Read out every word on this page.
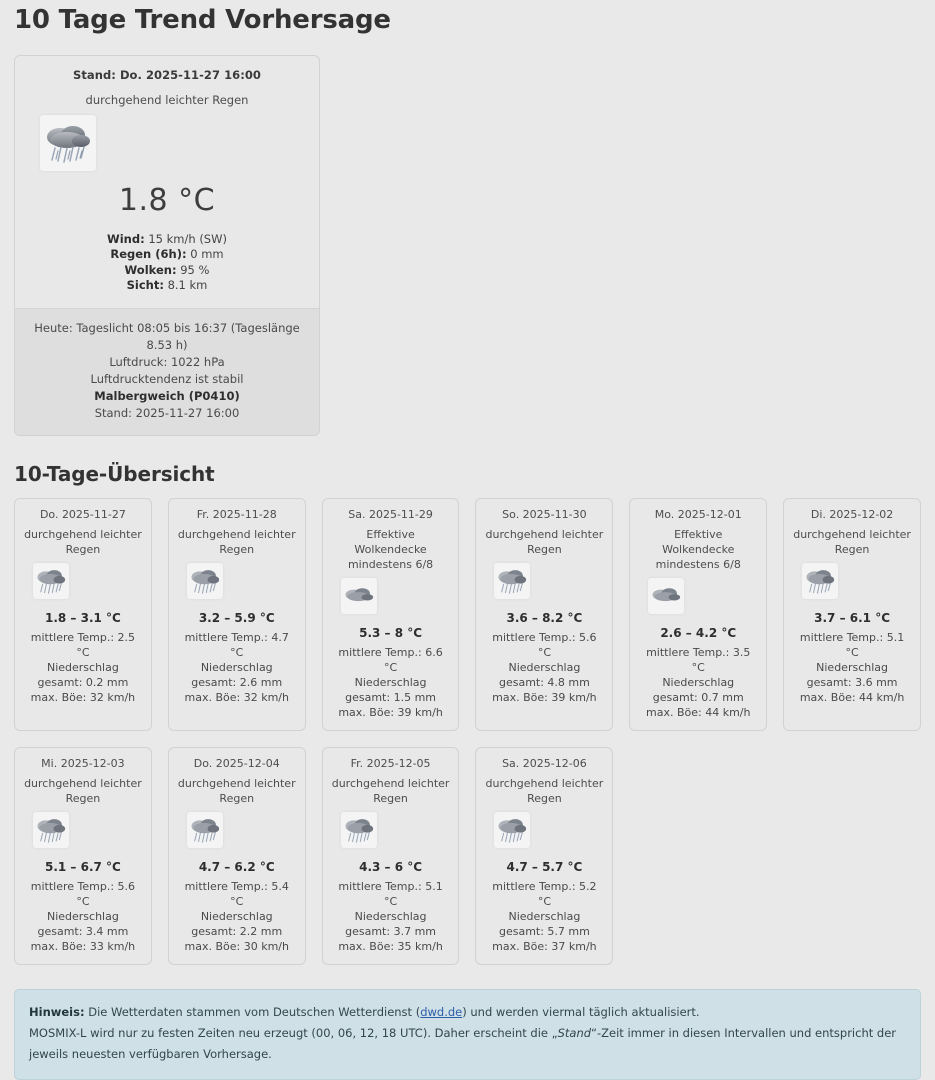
10 Tage Trend Vorhersage
Stand: Do. 2025-11-27 16:00
durchgehend leichter Regen
1.8 °C
Wind: 15 km/h (SW)
Regen (6h): 0 mm
Wolken: 95 %
Sicht: 8.1 km
Heute: Tageslicht 08:05 bis 16:37 (Tageslänge 8.53 h)
Luftdruck: 1022 hPa
Luftdrucktendenz ist stabil
Malbergweich (P0410)
Stand: 2025-11-27 16:00
10-Tage-Übersicht
Do. 2025-11-27
durchgehend leichter Regen
1.8 – 3.1 °C
mittlere Temp.: 2.5 °C
Niederschlag gesamt: 0.2 mm
max. Böe: 32 km/h
Fr. 2025-11-28
durchgehend leichter Regen
3.2 – 5.9 °C
mittlere Temp.: 4.7 °C
Niederschlag gesamt: 2.6 mm
max. Böe: 32 km/h
Sa. 2025-11-29
Effektive Wolkendecke mindestens 6/8
5.3 – 8 °C
mittlere Temp.: 6.6 °C
Niederschlag gesamt: 1.5 mm
max. Böe: 39 km/h
So. 2025-11-30
durchgehend leichter Regen
3.6 – 8.2 °C
mittlere Temp.: 5.6 °C
Niederschlag gesamt: 4.8 mm
max. Böe: 39 km/h
Mo. 2025-12-01
Effektive Wolkendecke mindestens 6/8
2.6 – 4.2 °C
mittlere Temp.: 3.5 °C
Niederschlag gesamt: 0.7 mm
max. Böe: 44 km/h
Di. 2025-12-02
durchgehend leichter Regen
3.7 – 6.1 °C
mittlere Temp.: 5.1 °C
Niederschlag gesamt: 3.6 mm
max. Böe: 44 km/h
Mi. 2025-12-03
durchgehend leichter Regen
5.1 – 6.7 °C
mittlere Temp.: 5.6 °C
Niederschlag gesamt: 3.4 mm
max. Böe: 33 km/h
Do. 2025-12-04
durchgehend leichter Regen
4.7 – 6.2 °C
mittlere Temp.: 5.4 °C
Niederschlag gesamt: 2.2 mm
max. Böe: 30 km/h
Fr. 2025-12-05
durchgehend leichter Regen
4.3 – 6 °C
mittlere Temp.: 5.1 °C
Niederschlag gesamt: 3.7 mm
max. Böe: 35 km/h
Sa. 2025-12-06
durchgehend leichter Regen
4.7 – 5.7 °C
mittlere Temp.: 5.2 °C
Niederschlag gesamt: 5.7 mm
max. Böe: 37 km/h
Hinweis: Die Wetterdaten stammen vom Deutschen Wetterdienst (dwd.de) und werden viermal täglich aktualisiert.
MOSMIX-L wird nur zu festen Zeiten neu erzeugt (00, 06, 12, 18 UTC). Daher erscheint die „Stand“-Zeit immer in diesen Intervallen und entspricht der jeweils neuesten verfügbaren Vorhersage.
